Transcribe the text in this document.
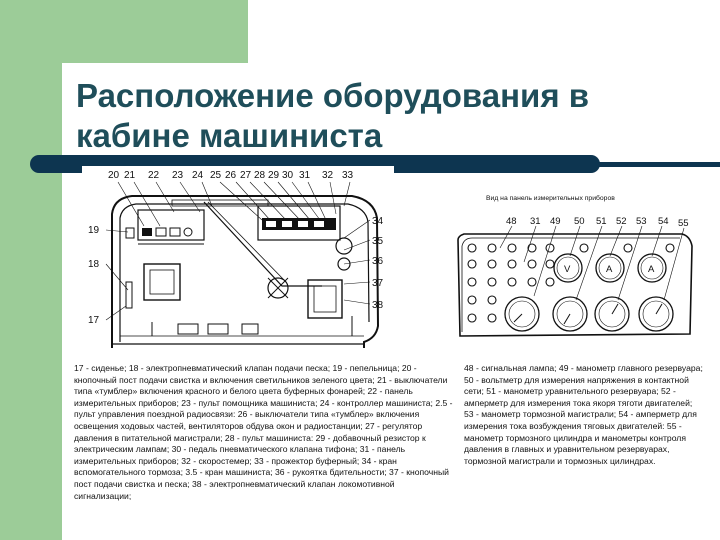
Расположение оборудования в кабине машиниста
20 21 22 23 24 25 26 27 28 29 30 31 32 33
19
18
17
34
35
36
37
38
Вид на панель измерительных приборов
V	A	A
48 31 49 50 51 52 53 54 55
17 - сиденье; 18 - электропневматический клапан подачи песка; 19 - пепельница; 20 - кнопочный пост подачи свистка и включения светильников зеленого цвета; 21 - выключатели типа «тумблер» включения красного и белого цвета буферных фонарей; 22 - панель измерительных приборов; 23 - пульт помощника машиниста; 24 - контроллер машиниста; 2.5 - пульт управления поездной радиосвязи: 26 - выключатели типа «тумблер» включения освещения ходовых частей, вентиляторов обдува окон и радиостанции; 27 - регулятор давления в питательной магистрали; 28 - пульт машиниста: 29 - добавочный резистор к электрическим лампам; 30 - педаль пневматического клапана тифона; 31 - панель измерительных приборов; 32 - скоростемер; 33 - прожектор буферный; 34 - кран вспомогательного тормоза; 3.5 - кран машиниста; 36 - рукоятка бдительности; 37 - кнопочный пост подачи свистка и песка; 38 - электропневматический клапан локомотивной сигнализации;
48 - сигнальная лампа; 49 - манометр главного резервуара; 50 - вольтметр для измерения напряжения в контактной сети; 51 - манометр уравнительного резервуара; 52 - амперметр для измерения тока якоря тяготи двигателей; 53 - манометр тормозной магистрали; 54 - амперметр для измерения тока возбуждения тяговых двигателей: 55 - манометр тормозного цилиндра и манометры контроля давления в главных и уравнительном резервуарах, тормозной магистрали и тормозных цилиндрах.
